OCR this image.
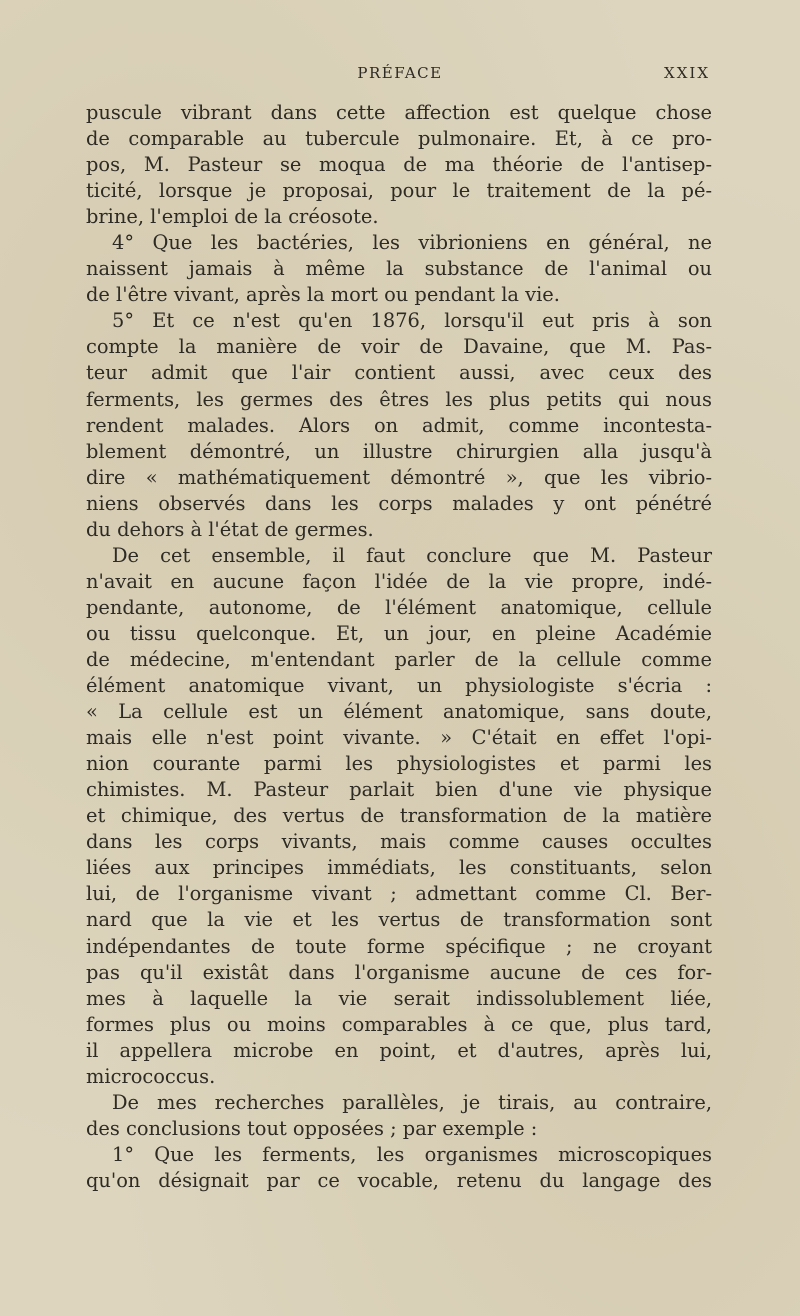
PRÉFACE	XXIX
puscule vibrant dans cette affection est quelque chose
de comparable au tubercule pulmonaire. Et, à ce pro-
pos, M. Pasteur se moqua de ma théorie de l'antisep-
ticité, lorsque je proposai, pour le traitement de la pé-
brine, l'emploi de la créosote.
4° Que les bactéries, les vibrioniens en général, ne
naissent jamais à même la substance de l'animal ou
de l'être vivant, après la mort ou pendant la vie.
5° Et ce n'est qu'en 1876, lorsqu'il eut pris à son
compte la manière de voir de Davaine, que M. Pas-
teur admit que l'air contient aussi, avec ceux des
ferments, les germes des êtres les plus petits qui nous
rendent malades. Alors on admit, comme incontesta-
blement démontré, un illustre chirurgien alla jusqu'à
dire « mathématiquement démontré », que les vibrio-
niens observés dans les corps malades y ont pénétré
du dehors à l'état de germes.
De cet ensemble, il faut conclure que M. Pasteur
n'avait en aucune façon l'idée de la vie propre, indé-
pendante, autonome, de l'élément anatomique, cellule
ou tissu quelconque. Et, un jour, en pleine Académie
de médecine, m'entendant parler de la cellule comme
élément anatomique vivant, un physiologiste s'écria :
« La cellule est un élément anatomique, sans doute,
mais elle n'est point vivante. » C'était en effet l'opi-
nion courante parmi les physiologistes et parmi les
chimistes. M. Pasteur parlait bien d'une vie physique
et chimique, des vertus de transformation de la matière
dans les corps vivants, mais comme causes occultes
liées aux principes immédiats, les constituants, selon
lui, de l'organisme vivant ; admettant comme Cl. Ber-
nard que la vie et les vertus de transformation sont
indépendantes de toute forme spécifique ; ne croyant
pas qu'il existât dans l'organisme aucune de ces for-
mes à laquelle la vie serait indissolublement liée,
formes plus ou moins comparables à ce que, plus tard,
il appellera microbe en point, et d'autres, après lui,
micrococcus.
De mes recherches parallèles, je tirais, au contraire,
des conclusions tout opposées ; par exemple :
1° Que les ferments, les organismes microscopiques
qu'on désignait par ce vocable, retenu du langage des
